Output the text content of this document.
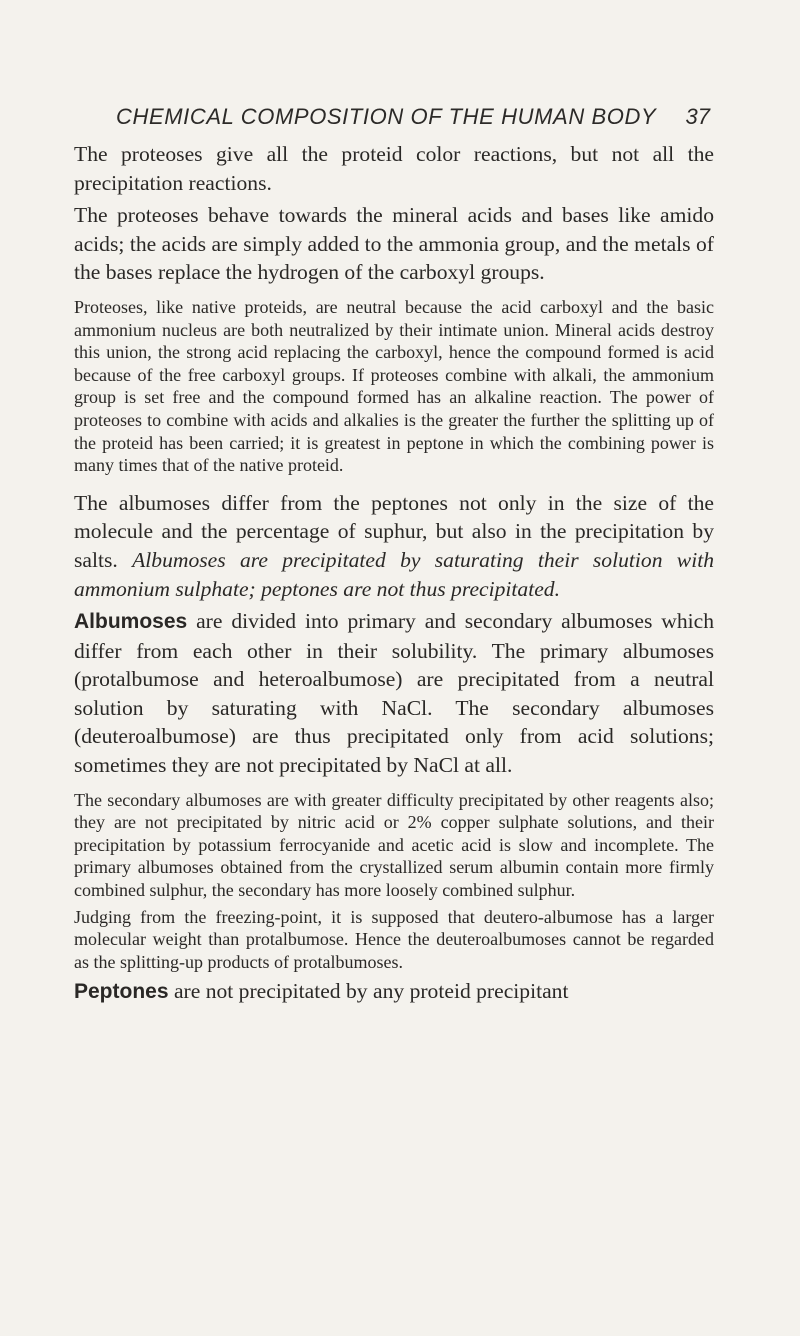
CHEMICAL COMPOSITION OF THE HUMAN BODY 37

The proteoses give all the proteid color reactions, but not all the precipitation reactions.

The proteoses behave towards the mineral acids and bases like amido acids; the acids are simply added to the ammonia group, and the metals of the bases replace the hydrogen of the carboxyl groups.

Proteoses, like native proteids, are neutral because the acid carboxyl and the basic ammonium nucleus are both neutralized by their intimate union. Mineral acids destroy this union, the strong acid replacing the carboxyl, hence the compound formed is acid because of the free carboxyl groups. If proteoses combine with alkali, the ammonium group is set free and the compound formed has an alkaline reaction. The power of proteoses to combine with acids and alkalies is the greater the further the splitting up of the proteid has been carried; it is greatest in peptone in which the combining power is many times that of the native proteid.

The albumoses differ from the peptones not only in the size of the molecule and the percentage of suphur, but also in the precipitation by salts. Albumoses are precipitated by saturating their solution with ammonium sulphate; peptones are not thus precipitated.

Albumoses are divided into primary and secondary albumoses which differ from each other in their solubility. The primary albumoses (protalbumose and heteroalbumose) are precipitated from a neutral solution by saturating with NaCl. The secondary albumoses (deuteroalbumose) are thus precipitated only from acid solutions; sometimes they are not precipitated by NaCl at all.

The secondary albumoses are with greater difficulty precipitated by other reagents also; they are not precipitated by nitric acid or 2% copper sulphate solutions, and their precipitation by potassium ferrocyanide and acetic acid is slow and incomplete. The primary albumoses obtained from the crystallized serum albumin contain more firmly combined sulphur, the secondary has more loosely combined sulphur.

Judging from the freezing-point, it is supposed that deutero-albumose has a larger molecular weight than protalbumose. Hence the deuteroalbumoses cannot be regarded as the splitting-up products of protalbumoses.

Peptones are not precipitated by any proteid precipitant
